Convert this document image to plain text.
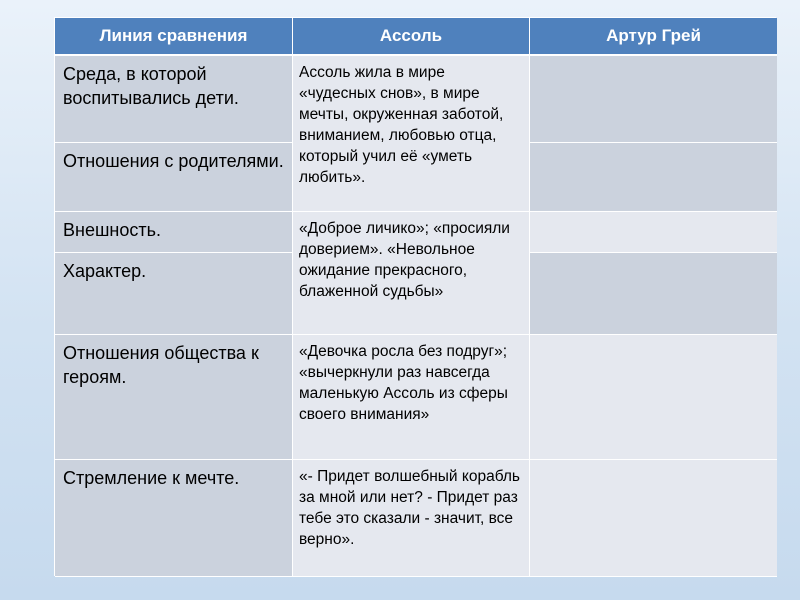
Линия сравнения	Ассоль	Артур Грей
Среда, в которой воспитывались дети.
Отношения с родителями.
Внешность.
Характер.
Отношения общества к героям.
Стремление к мечте.
Ассоль жила в мире «чудесных снов», в мире мечты, окруженная заботой, вниманием, любовью отца, который учил её «уметь любить».
«Доброе личико»; «просияли доверием». «Невольное ожидание прекрасного, блаженной судьбы»
«Девочка росла без подруг»; «вычеркнули раз навсегда маленькую Ассоль из сферы своего внимания»
«- Придет волшебный корабль за мной или нет? - Придет раз тебе это сказали - значит, все верно».
